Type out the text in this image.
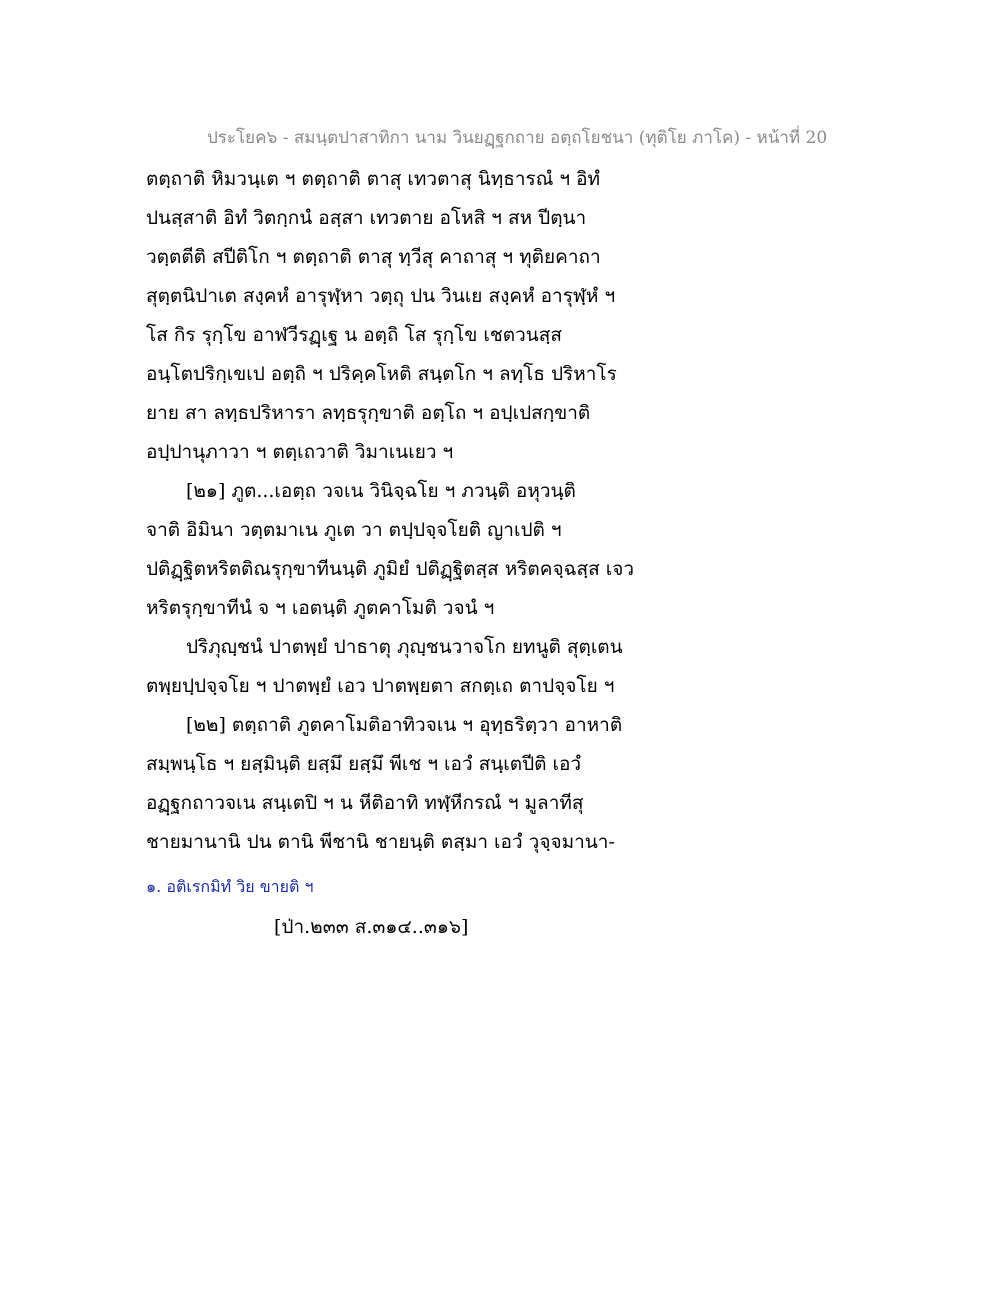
ประโยค๖ - สมนฺตปาสาทิกา นาม วินยฏฺฐกถาย อตฺถโยชนา (ทุติโย ภาโค) - หน้าที่ 20
ตตฺถาติ หิมวนฺเต ฯ ตตฺถาติ ตาสุ เทวตาสุ นิทฺธารณํ ฯ อิทํ
ปนสฺสาติ อิทํ วิตกฺกนํ อสฺสา เทวตาย อโหสิ ฯ สห ปีตฺนา
วตฺตตีติ สปีติโก ฯ ตตฺถาติ ตาสุ ทฺวีสุ คาถาสุ ฯ ทุติยคาถา
สุตฺตนิปาเต สงฺคหํ อารุฬฺหา วตฺถุ ปน วินเย สงฺคหํ อารุฬฺหํ ฯ
โส กิร รุกฺโข อาฬวีรฏฺเฐ น อตฺถิ โส รุกฺโข เชตวนสฺส
อนฺโตปริกฺเขเป อตฺถิ ฯ ปริคฺคโหติ สนฺตโก ฯ ลทฺโธ ปริหาโร
ยาย สา ลทฺธปริหารา ลทฺธรุกฺขาติ อตฺโถ ฯ อปฺเปสกฺขาติ
อปฺปานุภาวา ฯ ตตฺเถวาติ วิมาเนเยว ฯ
[๒๑] ภูต...เอตฺถ วจเน วินิจฺฉโย ฯ ภวนฺติ อหุวนฺติ
จาติ อิมินา วตฺตมาเน ภูเต วา ตปฺปจฺจโยติ ญาเปติ ฯ
ปติฏฺฐิตหริตติณรุกฺขาทีนนฺติ ภูมิยํ ปติฏฺฐิตสฺส หริตคจฺฉสฺส เจว
หริตรุกฺขาทีนํ จ ฯ เอตนฺติ ภูตคาโมติ วจนํ ฯ
ปริภุญฺชนํ ปาตพฺยํ ปาธาตุ ภุญฺชนวาจโก ยทนูติ สุตฺเตน
ตพฺยปฺปจฺจโย ฯ ปาตพฺยํ เอว ปาตพฺยตา สกตฺเถ ตาปจฺจโย ฯ
[๒๒] ตตฺถาติ ภูตคาโมติอาทิวจเน ฯ อุทฺธริตฺวา อาหาติ
สมฺพนฺโธ ฯ ยสฺมินฺติ ยสฺมึ ยสฺมึ พีเช ฯ เอวํ สนฺเตปีติ เอวํ
อฏฺฐกถาวจเน สนฺเตปิ ฯ น หีติอาทิ ทฬฺหีกรณํ ฯ มูลาทีสุ
ชายมานานิ ปน ตานิ พีชานิ ชายนฺติ ตสฺมา เอวํ วุจฺจมานา-
๑. อติเรกมิทํ วิย ขายติ ฯ
[ป่า.๒๓๓ ส.๓๑๔..๓๑๖]
